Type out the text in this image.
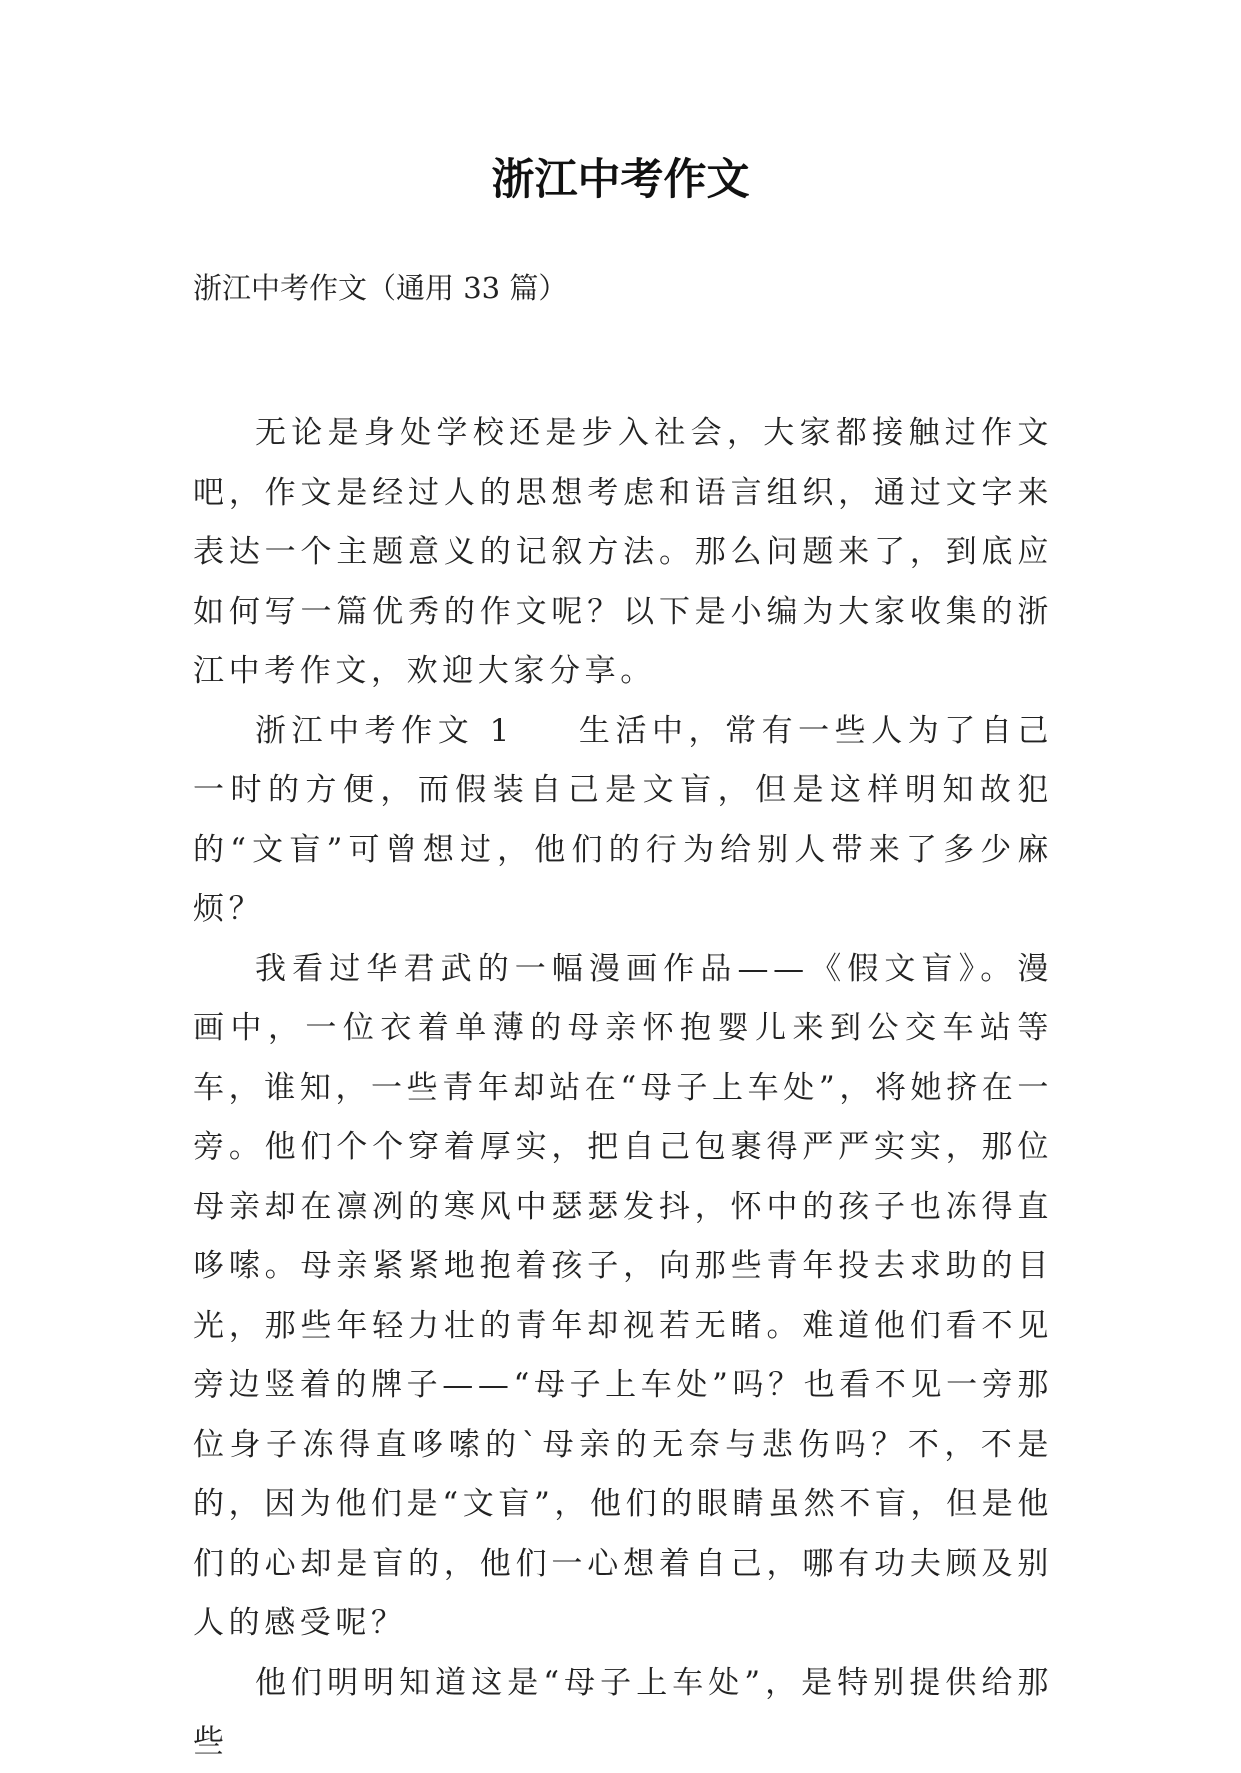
浙江中考作文

浙江中考作文（通用 33 篇）

无论是身处学校还是步入社会，大家都接触过作文吧，作文是经过人的思想考虑和语言组织，通过文字来表达一个主题意义的记叙方法。那么问题来了，到底应如何写一篇优秀的作文呢？以下是小编为大家收集的浙江中考作文，欢迎大家分享。

浙江中考作文 1 生活中，常有一些人为了自己一时的方便，而假装自己是文盲，但是这样明知故犯的“文盲”可曾想过，他们的行为给别人带来了多少麻烦？

我看过华君武的一幅漫画作品——《假文盲》。漫画中，一位衣着单薄的母亲怀抱婴儿来到公交车站等车，谁知，一些青年却站在“母子上车处”，将她挤在一旁。他们个个穿着厚实，把自己包裹得严严实实，那位母亲却在凛冽的寒风中瑟瑟发抖，怀中的孩子也冻得直哆嗦。母亲紧紧地抱着孩子，向那些青年投去求助的目光，那些年轻力壮的青年却视若无睹。难道他们看不见旁边竖着的牌子——“母子上车处”吗？也看不见一旁那位身子冻得直哆嗦的`母亲的无奈与悲伤吗？不，不是的，因为他们是“文盲”，他们的眼睛虽然不盲，但是他们的心却是盲的，他们一心想着自己，哪有功夫顾及别人的感受呢？

他们明明知道这是“母子上车处”，是特别提供给那些
